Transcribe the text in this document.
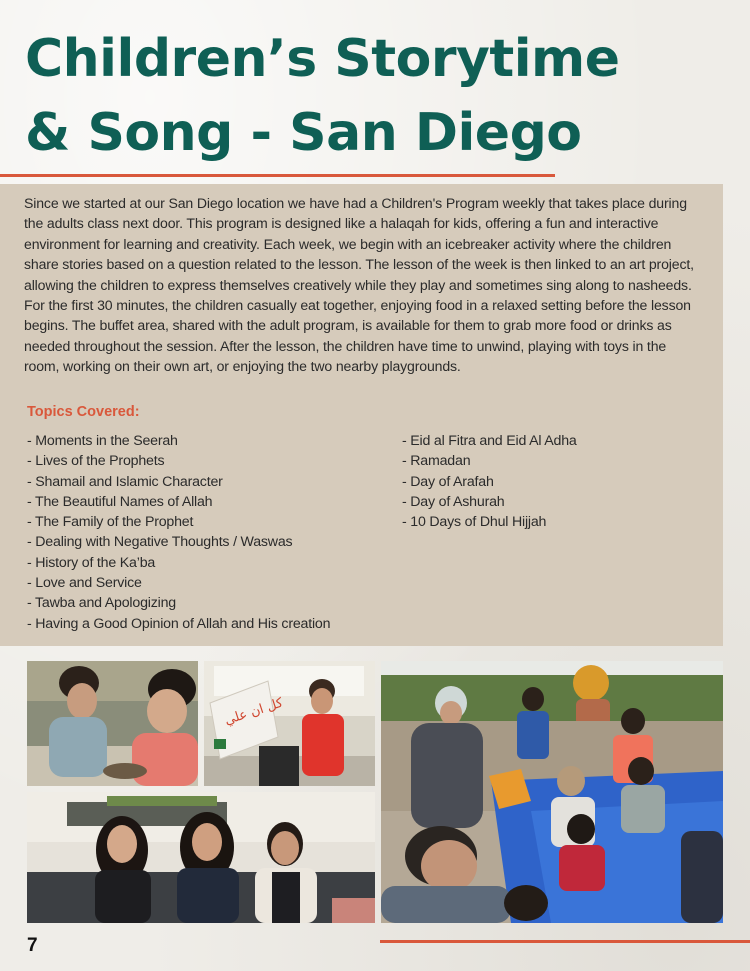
Children’s Storytime
& Song - San Diego

Since we started at our San Diego location we have had a Children's Program weekly that takes place during the adults class next door. This program is designed like a halaqah for kids, offering a fun and interactive environment for learning and creativity. Each week, we begin with an icebreaker activity where the children share stories based on a question related to the lesson. The lesson of the week is then linked to an art project, allowing the children to express themselves creatively while they play and sometimes sing along to nasheeds. For the first 30 minutes, the children casually eat together, enjoying food in a relaxed setting before the lesson begins. The buffet area, shared with the adult program, is available for them to grab more food or drinks as needed throughout the session. After the lesson, the children have time to unwind, playing with toys in the room, working on their own art, or enjoying the two nearby playgrounds.

Topics Covered:
- Moments in the Seerah
- Lives of the Prophets
- Shamail and Islamic Character
- The Beautiful Names of Allah
- The Family of the Prophet
- Dealing with Negative Thoughts / Waswas
- History of the Ka’ba
- Love and Service
- Tawba and Apologizing
- Having a Good Opinion of Allah and His creation
- Eid al Fitra and Eid Al Adha
- Ramadan
- Day of Arafah
- Day of Ashurah
- 10 Days of Dhul Hijjah
كل ان علي

7
